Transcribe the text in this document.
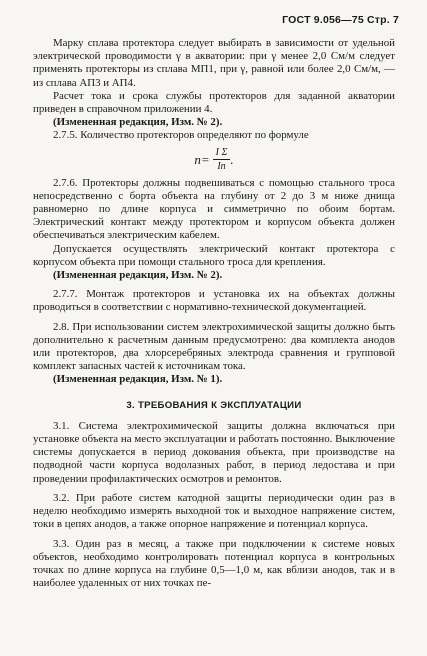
ГОСТ 9.056—75 Стр. 7

Марку сплава протектора следует выбирать в зависимости от удельной электрической проводимости γ в акватории: при γ менее 2,0 См/м следует применять протекторы из сплава МП1, при γ, равной или более 2,0 См/м, — из сплава АП3 и АП4.

Расчет тока и срока службы протекторов для заданной акватории приведен в справочном приложении 4.

(Измененная редакция, Изм. № 2).

2.7.5. Количество протекторов определяют по формуле

$n= \frac{\text{I Σ}}{Iп}$ .

2.7.6. Протекторы должны подвешиваться с помощью стального троса непосредственно с борта объекта на глубину от 2 до 3 м ниже днища равномерно по длине корпуса и симметрично по обоим бортам. Электрический контакт между протектором и корпусом объекта должен обеспечиваться электрическим кабелем.

Допускается осуществлять электрический контакт протектора с корпусом объекта при помощи стального троса для крепления.

(Измененная редакция, Изм. № 2).

2.7.7. Монтаж протекторов и установка их на объектах должны проводиться в соответствии с нормативно-технической документацией.

2.8. При использовании систем электрохимической защиты должно быть дополнительно к расчетным данным предусмотрено: два комплекта анодов или протекторов, два хлорсеребряных электрода сравнения и групповой комплект запасных частей к источникам тока.

(Измененная редакция, Изм. № 1).

3. ТРЕБОВАНИЯ К ЭКСПЛУАТАЦИИ

3.1. Система электрохимической защиты должна включаться при установке объекта на место эксплуатации и работать постоянно. Выключение системы допускается в период докования объекта, при производстве на подводной части корпуса водолазных работ, в период ледостава и при проведении профилактических осмотров и ремонтов.

3.2. При работе систем катодной защиты периодически один раз в неделю необходимо измерять выходной ток и выходное напряжение систем, токи в цепях анодов, а также опорное напряжение и потенциал корпуса.

3.3. Один раз в месяц, а также при подключении к системе новых объектов, необходимо контролировать потенциал корпуса в контрольных точках по длине корпуса на глубине 0,5—1,0 м, как вблизи анодов, так и в наиболее удаленных от них точках пе-
